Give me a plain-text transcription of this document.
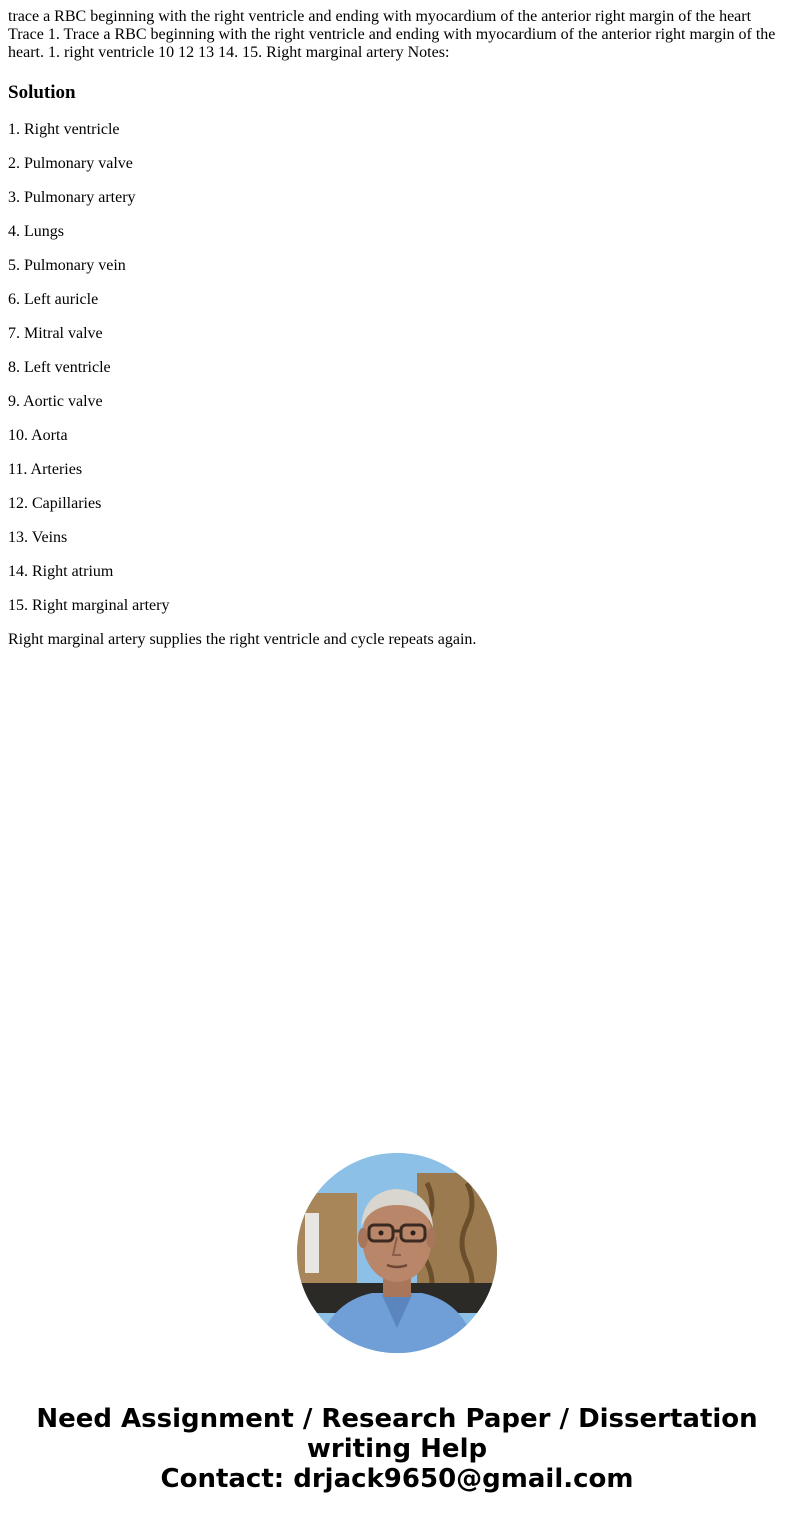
trace a RBC beginning with the right ventricle and ending with myocardium of the anterior right margin of the heart Trace 1. Trace a RBC beginning with the right ventricle and ending with myocardium of the anterior right margin of the heart. 1. right ventricle 10 12 13 14. 15. Right marginal artery Notes:

Solution

1. Right ventricle

2. Pulmonary valve

3. Pulmonary artery

4. Lungs

5. Pulmonary vein

6. Left auricle

7. Mitral valve

8. Left ventricle

9. Aortic valve

10. Aorta

11. Arteries

12. Capillaries

13. Veins

14. Right atrium

15. Right marginal artery

Right marginal artery supplies the right ventricle and cycle repeats again.

Need Assignment / Research Paper / Dissertation writing Help
Contact: drjack9650@gmail.com
